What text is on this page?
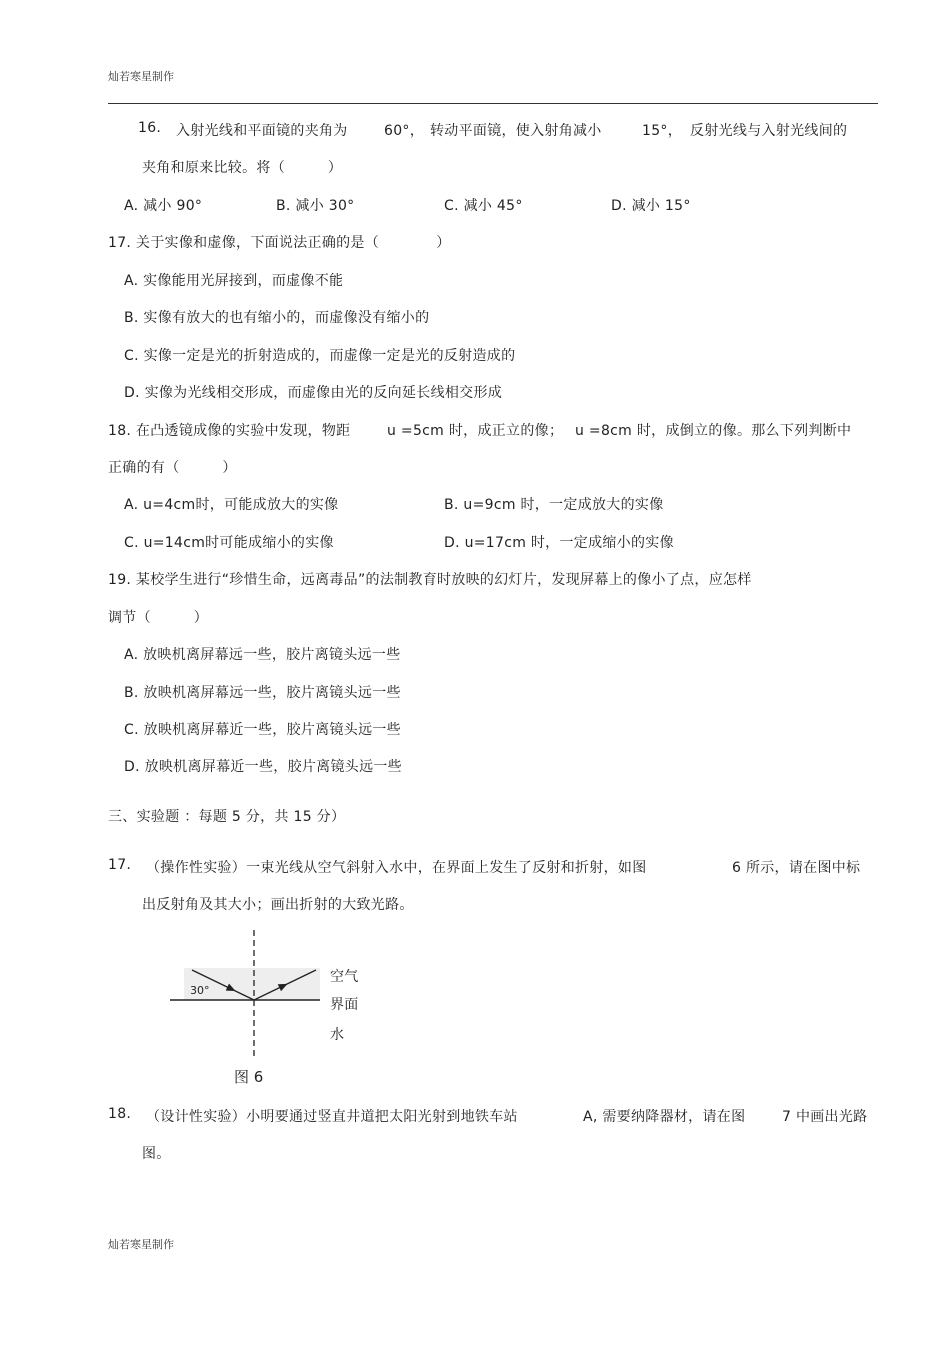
灿若寒星制作
16. 入射光线和平面镜的夹角为	60°， 转动平面镜，使入射角减小	15°， 反射光线与入射光线间的
夹角和原来比较。将（　　　）
A. 减小 90°	B. 减小 30°	C. 减小 45°	D. 减小 15°
17. 关于实像和虚像，下面说法正确的是（　　　　）
A. 实像能用光屏接到，而虚像不能
B. 实像有放大的也有缩小的，而虚像没有缩小的
C. 实像一定是光的折射造成的，而虚像一定是光的反射造成的
D. 实像为光线相交形成，而虚像由光的反向延长线相交形成
18. 在凸透镜成像的实验中发现，物距	u =5cm 时，成正立的像； u =8cm 时，成倒立的像。那么下列判断中
正确的有（　　　）
A. u=4cm时，可能成放大的实像	B. u=9cm 时，一定成放大的实像
C. u=14cm时可能成缩小的实像	D. u=17cm 时，一定成缩小的实像
19. 某校学生进行“珍惜生命，远离毒品”的法制教育时放映的幻灯片，发现屏幕上的像小了点，应怎样
调节（　　　）
A. 放映机离屏幕远一些，胶片离镜头远一些
B. 放映机离屏幕远一些，胶片离镜头远一些
C. 放映机离屏幕近一些，胶片离镜头远一些
D. 放映机离屏幕近一些，胶片离镜头远一些
三、实验题 ：每题 5 分，共 15 分）
17. （操作性实验）一束光线从空气斜射入水中，在界面上发生了反射和折射，如图	6 所示，请在图中标
出反射角及其大小；画出折射的大致光路。
30°
图 6
空气
界面
水
18. （设计性实验）小明要通过竖直井道把太阳光射到地铁车站	A, 需要纳降器材，请在图	7 中画出光路
图。
灿若寒星制作
